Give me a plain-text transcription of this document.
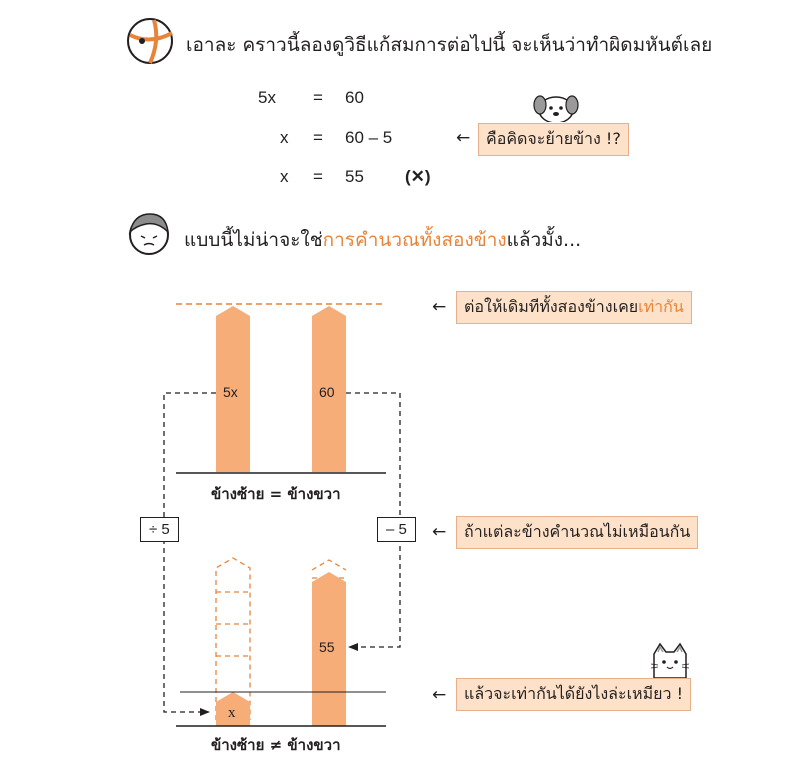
เอาละ คราวนี้ลองดูวิธีแก้สมการต่อไปนี้ จะเห็นว่าทำผิดมหันต์เลย
5x = 60
x = 60 – 5
x = 55 (✕)
← คือคิดจะย้ายข้าง !?
แบบนี้ไม่น่าจะใช่การคำนวณทั้งสองข้างแล้วมั้ง...
5x	60
ข้างซ้าย = ข้างขวา
÷ 5	– 5
55
x
ข้างซ้าย ≠ ข้างขวา
←	ต่อให้เดิมทีทั้งสองข้างเคยเท่ากัน
←	ถ้าแต่ละข้างคำนวณไม่เหมือนกัน
←	แล้วจะเท่ากันได้ยังไงล่ะเหมียว !
